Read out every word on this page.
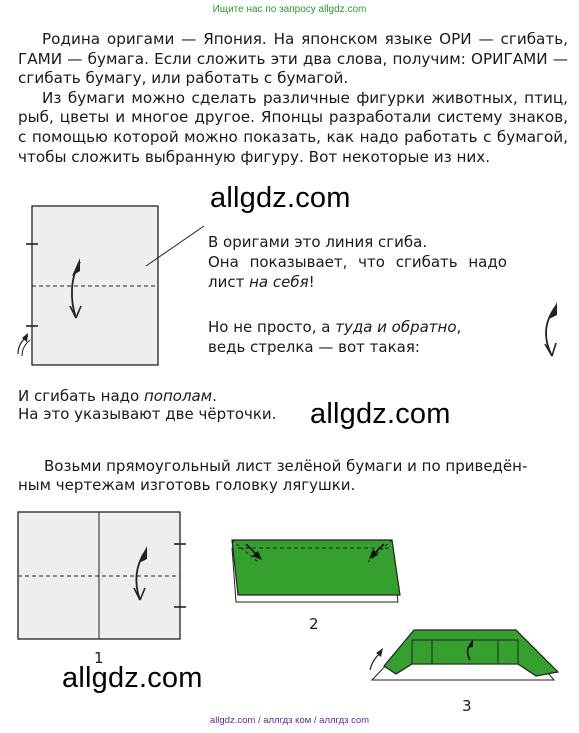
Ищите нас по запросу allgdz.com

Родина оригами — Япония. На японском языке ОРИ — сгибать, ГАМИ — бумага. Если сложить эти два слова, получим: ОРИГАМИ — сгибать бумагу, или работать с бумагой.

Из бумаги можно сделать различные фигурки животных, птиц, рыб, цветы и многое другое. Японцы разработали систему знаков, с помощью которой можно показать, как надо работать с бумагой, чтобы сложить выбранную фигуру. Вот некоторые из них.

allgdz.com
В оригами это линия сгиба.
Она показывает, что сгибать надо
лист на себя!
Но не просто, а туда и обратно,
ведь стрелка — вот такая:
И сгибать надо пополам.
На это указывают две чёрточки. allgdz.com
Возьми прямоугольный лист зелёной бумаги и по приведён-
ным чертежам изготовь головку лягушки.
1
2
3
allgdz.com
allgdz.com / аллгдз ком / аллгдз com
